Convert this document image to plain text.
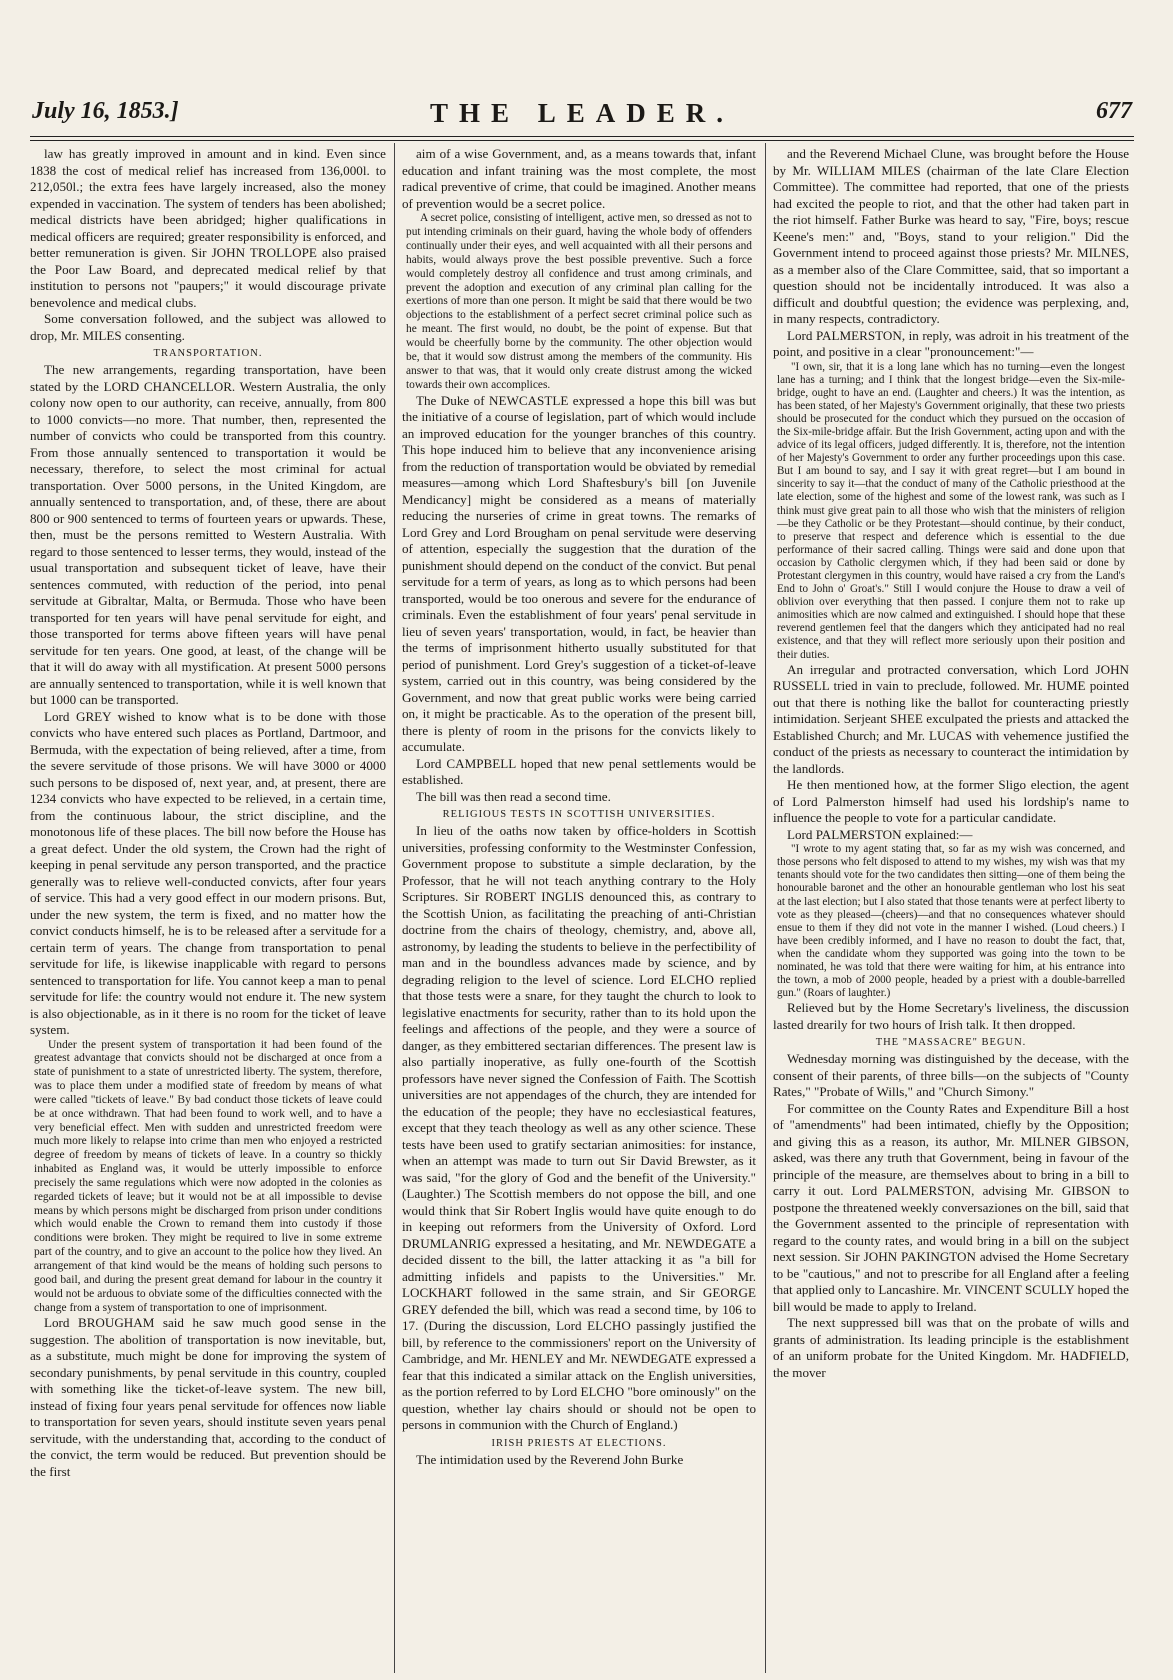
July 16, 1853.]	THE LEADER.	677

law has greatly improved in amount and in kind. Even since 1838 the cost of medical relief has increased from 136,000l. to 212,050l.; the extra fees have largely increased, also the money expended in vaccination. The system of tenders has been abolished; medical districts have been abridged; higher qualifications in medical officers are required; greater responsibility is enforced, and better remuneration is given. Sir JOHN TROLLOPE also praised the Poor Law Board, and deprecated medical relief by that institution to persons not "paupers;" it would discourage private benevolence and medical clubs.

Some conversation followed, and the subject was allowed to drop, Mr. MILES consenting.

TRANSPORTATION.

The new arrangements, regarding transportation, have been stated by the LORD CHANCELLOR. Western Australia, the only colony now open to our authority, can receive, annually, from 800 to 1000 convicts—no more. That number, then, represented the number of convicts who could be transported from this country. From those annually sentenced to transportation it would be necessary, therefore, to select the most criminal for actual transportation. Over 5000 persons, in the United Kingdom, are annually sentenced to transportation, and, of these, there are about 800 or 900 sentenced to terms of fourteen years or upwards. These, then, must be the persons remitted to Western Australia. With regard to those sentenced to lesser terms, they would, instead of the usual transportation and subsequent ticket of leave, have their sentences commuted, with reduction of the period, into penal servitude at Gibraltar, Malta, or Bermuda. Those who have been transported for ten years will have penal servitude for eight, and those transported for terms above fifteen years will have penal servitude for ten years. One good, at least, of the change will be that it will do away with all mystification. At present 5000 persons are annually sentenced to transportation, while it is well known that but 1000 can be transported.

Lord GREY wished to know what is to be done with those convicts who have entered such places as Portland, Dartmoor, and Bermuda, with the expectation of being relieved, after a time, from the severe servitude of those prisons. We will have 3000 or 4000 such persons to be disposed of, next year, and, at present, there are 1234 convicts who have expected to be relieved, in a certain time, from the continuous labour, the strict discipline, and the monotonous life of these places. The bill now before the House has a great defect. Under the old system, the Crown had the right of keeping in penal servitude any person transported, and the practice generally was to relieve well-conducted convicts, after four years of service. This had a very good effect in our modern prisons. But, under the new system, the term is fixed, and no matter how the convict conducts himself, he is to be released after a servitude for a certain term of years. The change from transportation to penal servitude for life, is likewise inapplicable with regard to persons sentenced to transportation for life. You cannot keep a man to penal servitude for life: the country would not endure it. The new system is also objectionable, as in it there is no room for the ticket of leave system.

Under the present system of transportation it had been found of the greatest advantage that convicts should not be discharged at once from a state of punishment to a state of unrestricted liberty. The system, therefore, was to place them under a modified state of freedom by means of what were called "tickets of leave." By bad conduct those tickets of leave could be at once withdrawn. That had been found to work well, and to have a very beneficial effect. Men with sudden and unrestricted freedom were much more likely to relapse into crime than men who enjoyed a restricted degree of freedom by means of tickets of leave. In a country so thickly inhabited as England was, it would be utterly impossible to enforce precisely the same regulations which were now adopted in the colonies as regarded tickets of leave; but it would not be at all impossible to devise means by which persons might be discharged from prison under conditions which would enable the Crown to remand them into custody if those conditions were broken. They might be required to live in some extreme part of the country, and to give an account to the police how they lived. An arrangement of that kind would be the means of holding such persons to good bail, and during the present great demand for labour in the country it would not be arduous to obviate some of the difficulties connected with the change from a system of transportation to one of imprisonment.

Lord BROUGHAM said he saw much good sense in the suggestion. The abolition of transportation is now inevitable, but, as a substitute, much might be done for improving the system of secondary punishments, by penal servitude in this country, coupled with something like the ticket-of-leave system. The new bill, instead of fixing four years penal servitude for offences now liable to transportation for seven years, should institute seven years penal servitude, with the understanding that, according to the conduct of the convict, the term would be reduced. But prevention should be the first

aim of a wise Government, and, as a means towards that, infant education and infant training was the most complete, the most radical preventive of crime, that could be imagined. Another means of prevention would be a secret police.

A secret police, consisting of intelligent, active men, so dressed as not to put intending criminals on their guard, having the whole body of offenders continually under their eyes, and well acquainted with all their persons and habits, would always prove the best possible preventive. Such a force would completely destroy all confidence and trust among criminals, and prevent the adoption and execution of any criminal plan calling for the exertions of more than one person. It might be said that there would be two objections to the establishment of a perfect secret criminal police such as he meant. The first would, no doubt, be the point of expense. But that would be cheerfully borne by the community. The other objection would be, that it would sow distrust among the members of the community. His answer to that was, that it would only create distrust among the wicked towards their own accomplices.

The Duke of NEWCASTLE expressed a hope this bill was but the initiative of a course of legislation, part of which would include an improved education for the younger branches of this country. This hope induced him to believe that any inconvenience arising from the reduction of transportation would be obviated by remedial measures—among which Lord Shaftesbury's bill [on Juvenile Mendicancy] might be considered as a means of materially reducing the nurseries of crime in great towns. The remarks of Lord Grey and Lord Brougham on penal servitude were deserving of attention, especially the suggestion that the duration of the punishment should depend on the conduct of the convict. But penal servitude for a term of years, as long as to which persons had been transported, would be too onerous and severe for the endurance of criminals. Even the establishment of four years' penal servitude in lieu of seven years' transportation, would, in fact, be heavier than the terms of imprisonment hitherto usually substituted for that period of punishment. Lord Grey's suggestion of a ticket-of-leave system, carried out in this country, was being considered by the Government, and now that great public works were being carried on, it might be practicable. As to the operation of the present bill, there is plenty of room in the prisons for the convicts likely to accumulate.

Lord CAMPBELL hoped that new penal settlements would be established.

The bill was then read a second time.

RELIGIOUS TESTS IN SCOTTISH UNIVERSITIES.

In lieu of the oaths now taken by office-holders in Scottish universities, professing conformity to the Westminster Confession, Government propose to substitute a simple declaration, by the Professor, that he will not teach anything contrary to the Holy Scriptures. Sir ROBERT INGLIS denounced this, as contrary to the Scottish Union, as facilitating the preaching of anti-Christian doctrine from the chairs of theology, chemistry, and, above all, astronomy, by leading the students to believe in the perfectibility of man and in the boundless advances made by science, and by degrading religion to the level of science. Lord ELCHO replied that those tests were a snare, for they taught the church to look to legislative enactments for security, rather than to its hold upon the feelings and affections of the people, and they were a source of danger, as they embittered sectarian differences. The present law is also partially inoperative, as fully one-fourth of the Scottish professors have never signed the Confession of Faith. The Scottish universities are not appendages of the church, they are intended for the education of the people; they have no ecclesiastical features, except that they teach theology as well as any other science. These tests have been used to gratify sectarian animosities: for instance, when an attempt was made to turn out Sir David Brewster, as it was said, "for the glory of God and the benefit of the University." (Laughter.) The Scottish members do not oppose the bill, and one would think that Sir Robert Inglis would have quite enough to do in keeping out reformers from the University of Oxford. Lord DRUMLANRIG expressed a hesitating, and Mr. NEWDEGATE a decided dissent to the bill, the latter attacking it as "a bill for admitting infidels and papists to the Universities." Mr. LOCKHART followed in the same strain, and Sir GEORGE GREY defended the bill, which was read a second time, by 106 to 17. (During the discussion, Lord ELCHO passingly justified the bill, by reference to the commissioners' report on the University of Cambridge, and Mr. HENLEY and Mr. NEWDEGATE expressed a fear that this indicated a similar attack on the English universities, as the portion referred to by Lord ELCHO "bore ominously" on the question, whether lay chairs should or should not be open to persons in communion with the Church of England.)

IRISH PRIESTS AT ELECTIONS.

The intimidation used by the Reverend John Burke

and the Reverend Michael Clune, was brought before the House by Mr. WILLIAM MILES (chairman of the late Clare Election Committee). The committee had reported, that one of the priests had excited the people to riot, and that the other had taken part in the riot himself. Father Burke was heard to say, "Fire, boys; rescue Keene's men:" and, "Boys, stand to your religion." Did the Government intend to proceed against those priests? Mr. MILNES, as a member also of the Clare Committee, said, that so important a question should not be incidentally introduced. It was also a difficult and doubtful question; the evidence was perplexing, and, in many respects, contradictory.

Lord PALMERSTON, in reply, was adroit in his treatment of the point, and positive in a clear "pronouncement:"—

"I own, sir, that it is a long lane which has no turning—even the longest lane has a turning; and I think that the longest bridge—even the Six-mile-bridge, ought to have an end. (Laughter and cheers.) It was the intention, as has been stated, of her Majesty's Government originally, that these two priests should be prosecuted for the conduct which they pursued on the occasion of the Six-mile-bridge affair. But the Irish Government, acting upon and with the advice of its legal officers, judged differently. It is, therefore, not the intention of her Majesty's Government to order any further proceedings upon this case. But I am bound to say, and I say it with great regret—but I am bound in sincerity to say it—that the conduct of many of the Catholic priesthood at the late election, some of the highest and some of the lowest rank, was such as I think must give great pain to all those who wish that the ministers of religion—be they Catholic or be they Protestant—should continue, by their conduct, to preserve that respect and deference which is essential to the due performance of their sacred calling. Things were said and done upon that occasion by Catholic clergymen which, if they had been said or done by Protestant clergymen in this country, would have raised a cry from the Land's End to John o' Groat's." Still I would conjure the House to draw a veil of oblivion over everything that then passed. I conjure them not to rake up animosities which are now calmed and extinguished. I should hope that these reverend gentlemen feel that the dangers which they anticipated had no real existence, and that they will reflect more seriously upon their position and their duties.

An irregular and protracted conversation, which Lord JOHN RUSSELL tried in vain to preclude, followed. Mr. HUME pointed out that there is nothing like the ballot for counteracting priestly intimidation. Serjeant SHEE exculpated the priests and attacked the Established Church; and Mr. LUCAS with vehemence justified the conduct of the priests as necessary to counteract the intimidation by the landlords.

He then mentioned how, at the former Sligo election, the agent of Lord Palmerston himself had used his lordship's name to influence the people to vote for a particular candidate.

Lord PALMERSTON explained:—

"I wrote to my agent stating that, so far as my wish was concerned, and those persons who felt disposed to attend to my wishes, my wish was that my tenants should vote for the two candidates then sitting—one of them being the honourable baronet and the other an honourable gentleman who lost his seat at the last election; but I also stated that those tenants were at perfect liberty to vote as they pleased—(cheers)—and that no consequences whatever should ensue to them if they did not vote in the manner I wished. (Loud cheers.) I have been credibly informed, and I have no reason to doubt the fact, that, when the candidate whom they supported was going into the town to be nominated, he was told that there were waiting for him, at his entrance into the town, a mob of 2000 people, headed by a priest with a double-barrelled gun." (Roars of laughter.)

Relieved but by the Home Secretary's liveliness, the discussion lasted drearily for two hours of Irish talk. It then dropped.

THE "MASSACRE" BEGUN.

Wednesday morning was distinguished by the decease, with the consent of their parents, of three bills—on the subjects of "County Rates," "Probate of Wills," and "Church Simony."

For committee on the County Rates and Expenditure Bill a host of "amendments" had been intimated, chiefly by the Opposition; and giving this as a reason, its author, Mr. MILNER GIBSON, asked, was there any truth that Government, being in favour of the principle of the measure, are themselves about to bring in a bill to carry it out. Lord PALMERSTON, advising Mr. GIBSON to postpone the threatened weekly conversaziones on the bill, said that the Government assented to the principle of representation with regard to the county rates, and would bring in a bill on the subject next session. Sir JOHN PAKINGTON advised the Home Secretary to be "cautious," and not to prescribe for all England after a feeling that applied only to Lancashire. Mr. VINCENT SCULLY hoped the bill would be made to apply to Ireland.

The next suppressed bill was that on the probate of wills and grants of administration. Its leading principle is the establishment of an uniform probate for the United Kingdom. Mr. HADFIELD, the mover
